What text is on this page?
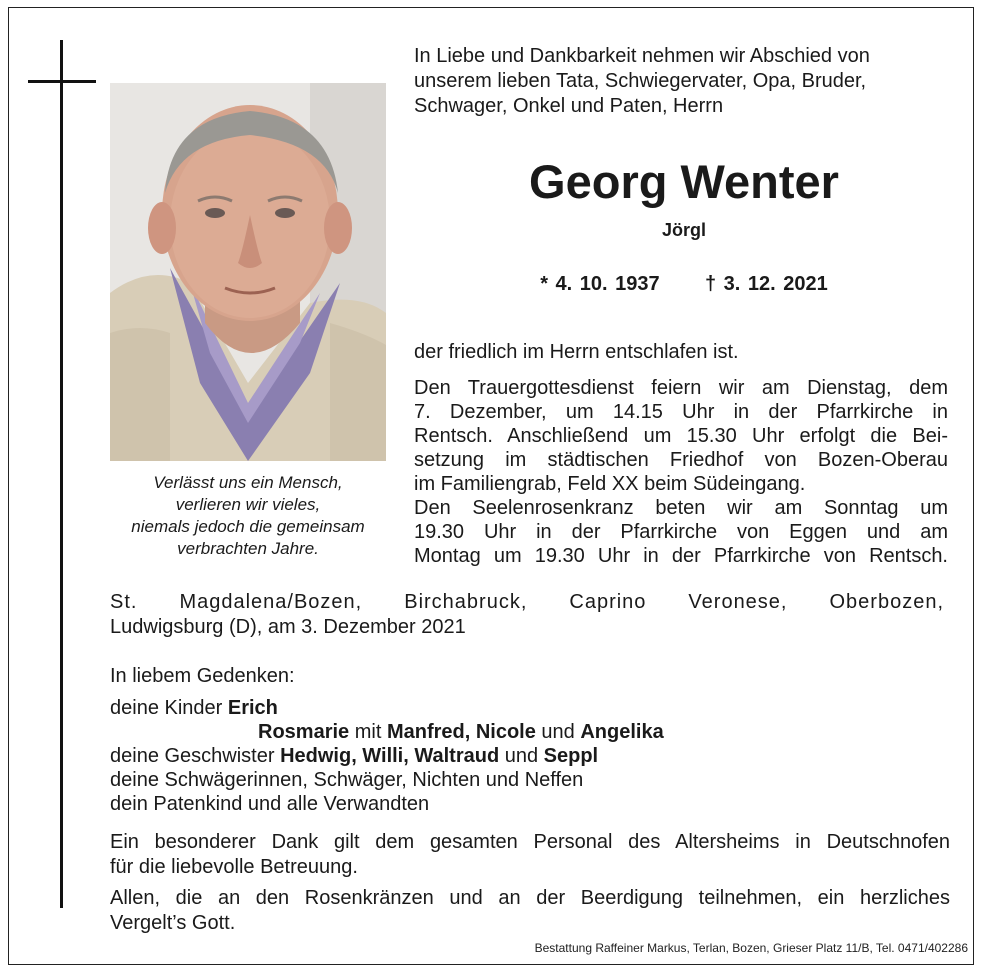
Verlässt uns ein Mensch,
verlieren wir vieles,
niemals jedoch die gemeinsam
verbrachten Jahre.
In Liebe und Dankbarkeit nehmen wir Abschied von
unserem lieben Tata, Schwiegervater, Opa, Bruder,
Schwager, Onkel und Paten, Herrn
Georg Wenter
Jörgl
* 4. 10. 1937 † 3. 12. 2021
der friedlich im Herrn entschlafen ist.
Den Trauergottesdienst feiern wir am Dienstag, dem
7. Dezember, um 14.15 Uhr in der Pfarrkirche in
Rentsch. Anschließend um 15.30 Uhr erfolgt die Bei-
setzung im städtischen Friedhof von Bozen-Oberau
im Familiengrab, Feld XX beim Südeingang.
Den Seelenrosenkranz beten wir am Sonntag um
19.30 Uhr in der Pfarrkirche von Eggen und am
Montag um 19.30 Uhr in der Pfarrkirche von Rentsch.
St. Magdalena/Bozen, Birchabruck, Caprino Veronese, Oberbozen,
Ludwigsburg (D), am 3. Dezember 2021
In liebem Gedenken:
deine Kinder Erich
Rosmarie mit Manfred, Nicole und Angelika
deine Geschwister Hedwig, Willi, Waltraud und Seppl
deine Schwägerinnen, Schwäger, Nichten und Neffen
dein Patenkind und alle Verwandten
Ein besonderer Dank gilt dem gesamten Personal des Altersheims in Deutschnofen
für die liebevolle Betreuung.
Allen, die an den Rosenkränzen und an der Beerdigung teilnehmen, ein herzliches
Vergelt’s Gott.
Bestattung Raffeiner Markus, Terlan, Bozen, Grieser Platz 11/B, Tel. 0471/402286
